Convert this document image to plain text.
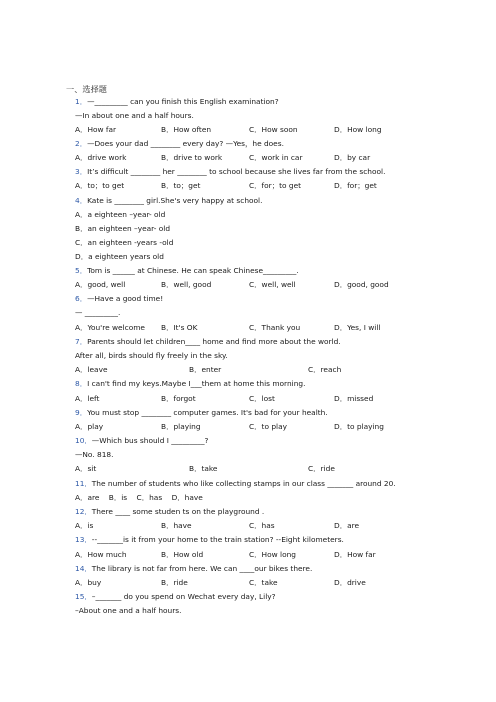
一、选择题
1．—_________ can you finish this English examination?
—In about one and a half hours.
A．How far	B．How often	C．How soon	D．How long
2．—Does your dad ________ every day? —Yes，he does.
A．drive work	B．drive to work	C．work in car	D．by car
3．It’s difficult ________ her ________ to school because she lives far from the school.
A．to；to get	B．to；get	C．for；to get	D．for；get
4．Kate is ________ girl.She's very happy at school.
A．a eighteen –year- old
B．an eighteen –year- old
C．an eighteen -years -old
D．a eighteen years old
5．Tom is ______ at Chinese. He can speak Chinese_________.
A．good, well	B．well, good	C．well, well	D．good, good
6．—Have a good time!
— _________.
A．You're welcome B．It's OK	C．Thank you	D．Yes, I will
7．Parents should let children____ home and find more about the world.
After all, birds should fly freely in the sky.
A．leave	B．enter	C．reach
8．I can't find my keys.Maybe I___them at home this morning.
A．left	B．forgot	C．lost	D．missed
9．You must stop ________ computer games. It's bad for your health.
A．play	B．playing	C．to play	D．to playing
10．—Which bus should I _________?
—No. 818.
A．sit	B．take	C．ride
11．The number of students who like collecting stamps in our class _______ around 20.
A．are    B．is    C．has    D．have
12．There ____ some studen ts on the playground .
A．is	B．have	C．has	D．are
13．--_______is it from your home to the train station? --Eight kilometers.
A．How much	B．How old	C．How long	D．How far
14．The library is not far from here. We can ____our bikes there.
A．buy	B．ride	C．take	D．drive
15．–_______ do you spend on Wechat every day, Lily?
–About one and a half hours.
